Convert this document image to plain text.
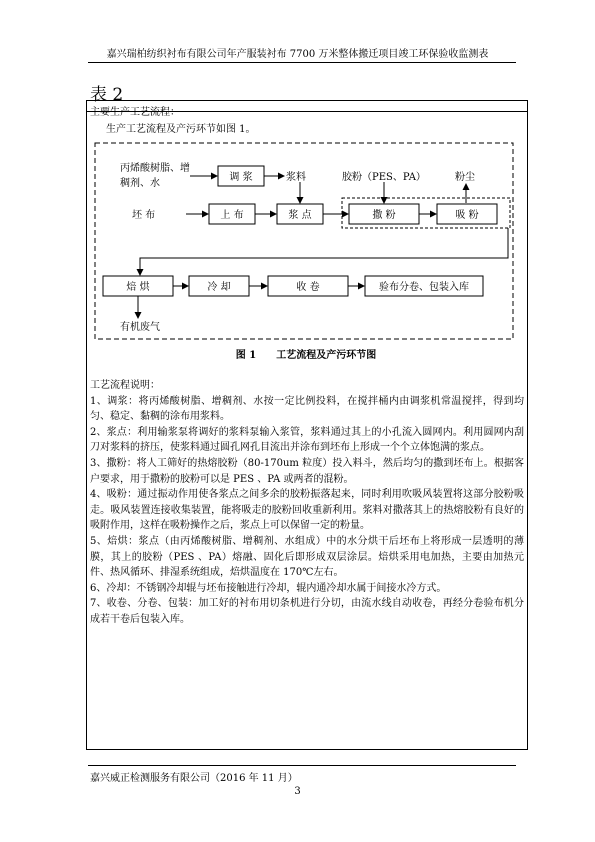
嘉兴瑞柏纺织衬布有限公司年产服装衬布 7700 万米整体搬迁项目竣工环保验收监测表
表 2
主要生产工艺流程：
生产工艺流程及产污环节如图 1。
丙烯酸树脂、增
稠剂、水
调 浆	浆料	胶粉（PES、PA）	粉尘
坯 布	上 布	浆 点	撒 粉	吸 粉
焙 烘	冷 却	收 卷	验布分卷、包装入库
有机废气
图 1　　工艺流程及产污环节图

工艺流程说明：

1、调浆：将丙烯酸树脂、增稠剂、水按一定比例投料，在搅拌桶内由调浆机常温搅拌，得到均匀、稳定、黏稠的涂布用浆料。

2、浆点：利用输浆泵将调好的浆料泵输入浆管，浆料通过其上的小孔流入圆网内。利用圆网内刮刀对浆料的挤压，使浆料通过圆孔网孔目流出并涂布到坯布上形成一个个立体饱满的浆点。

3、撒粉：将人工筛好的热熔胶粉（80-170um 粒度）投入料斗，然后均匀的撒到坯布上。根据客户要求，用于撒粉的胶粉可以是 PES 、PA 或两者的混粉。

4、吸粉：通过振动作用使各浆点之间多余的胶粉振落起来，同时利用吹吸风装置将这部分胶粉吸走。吸风装置连接收集装置，能将吸走的胶粉回收重新利用。浆料对撒落其上的热熔胶粉有良好的吸附作用，这样在吸粉操作之后，浆点上可以保留一定的粉量。

5、焙烘：浆点（由丙烯酸树脂、增稠剂、水组成）中的水分烘干后坯布上将形成一层透明的薄膜，其上的胶粉（PES 、PA）熔融、固化后即形成双层涂层。焙烘采用电加热，主要由加热元件、热风循环、排湿系统组成，焙烘温度在 170℃左右。

6、冷却：不锈钢冷却辊与坯布接触进行冷却，辊内通冷却水属于间接水冷方式。

7、收卷、分卷、包装：加工好的衬布用切条机进行分切，由流水线自动收卷，再经分卷验布机分成若干卷后包装入库。

嘉兴威正检测服务有限公司（2016 年 11 月）
3
